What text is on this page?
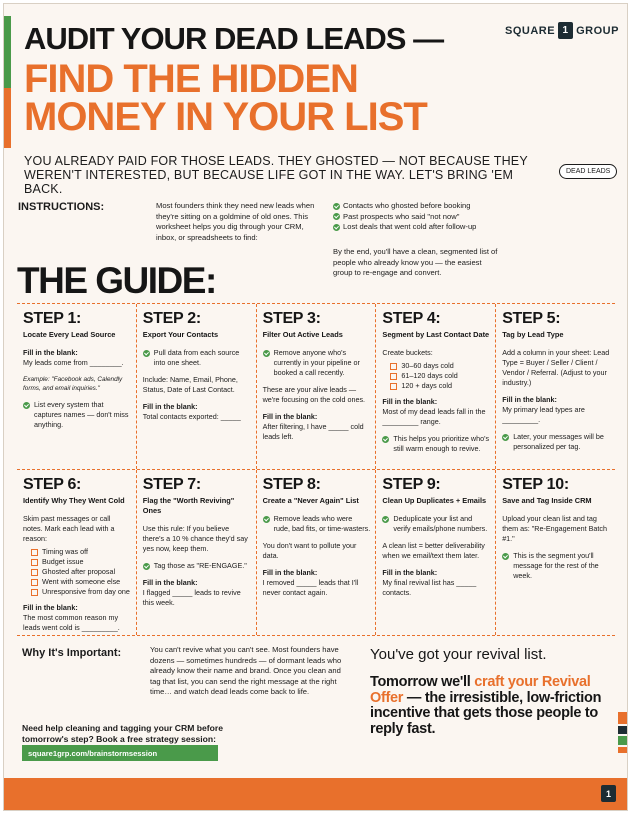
SQUARE 1 GROUP
AUDIT YOUR DEAD LEADS —
FIND THE HIDDEN
MONEY IN YOUR LIST
YOU ALREADY PAID FOR THOSE LEADS. THEY GHOSTED — NOT BECAUSE THEY WEREN'T INTERESTED, BUT BECAUSE LIFE GOT IN THE WAY. LET'S BRING 'EM BACK.
DEAD LEADS
INSTRUCTIONS:	Most founders think they need new leads when they're sitting on a goldmine of old ones. This worksheet helps you dig through your CRM, inbox, or spreadsheets to find:
Contacts who ghosted before booking
Past prospects who said "not now"
Lost deals that went cold after follow-up
By the end, you'll have a clean, segmented list of people who already know you — the easiest group to re-engage and convert.
THE GUIDE:
STEP 1:
Locate Every Lead Source

Fill in the blank:

My leads come from ________.

Example: "Facebook ads, Calendly forms, and email inquiries."

List every system that captures names — don't miss anything.
STEP 2:
Export Your Contacts
Pull data from each source into one sheet.

Include: Name, Email, Phone, Status, Date of Last Contact.

Fill in the blank:

Total contacts exported: _____

STEP 3:
Filter Out Active Leads
Remove anyone who's currently in your pipeline or booked a call recently.

These are your alive leads — we're focusing on the cold ones.

Fill in the blank:

After filtering, I have _____ cold leads left.

STEP 4:
Segment by Last Contact Date

Create buckets:

30–60 days cold
61–120 days cold
120 + days cold

Fill in the blank:

Most of my dead leads fall in the _________ range.

This helps you prioritize who's still warm enough to revive.
STEP 5:
Tag by Lead Type

Add a column in your sheet: Lead Type = Buyer / Seller / Client / Vendor / Referral. (Adjust to your industry.)

Fill in the blank:

My primary lead types are _________.

Later, your messages will be personalized per tag.
STEP 6:
Identify Why They Went Cold

Skim past messages or call notes. Mark each lead with a reason:

Timing was off
Budget issue
Ghosted after proposal
Went with someone else
Unresponsive from day one

Fill in the blank:

The most common reason my leads went cold is _________.

STEP 7:
Flag the "Worth Reviving" Ones

Use this rule: If you believe there's a 10 % chance they'd say yes now, keep them.

Tag those as "RE-ENGAGE."

Fill in the blank:

I flagged _____ leads to revive this week.

STEP 8:
Create a "Never Again" List
Remove leads who were rude, bad fits, or time-wasters.

You don't want to pollute your data.

Fill in the blank:

I removed _____ leads that I'll never contact again.

STEP 9:
Clean Up Duplicates + Emails
Deduplicate your list and verify emails/phone numbers.

A clean list = better deliverability when we email/text them later.

Fill in the blank:

My final revival list has _____ contacts.

STEP 10:
Save and Tag Inside CRM

Upload your clean list and tag them as: "Re-Engagement Batch #1."

This is the segment you'll message for the rest of the week.
Why It's Important:	You can't revive what you can't see. Most founders have dozens — sometimes hundreds — of dormant leads who already know their name and brand. Once you clean and tag that list, you can send the right message at the right time… and watch dead leads come back to life.
Need help cleaning and tagging your CRM before tomorrow's step? Book a free strategy session:
square1grp.com/brainstormsession
You've got your revival list.
Tomorrow we'll craft your Revival Offer — the irresistible, low-friction incentive that gets those people to reply fast.
1
